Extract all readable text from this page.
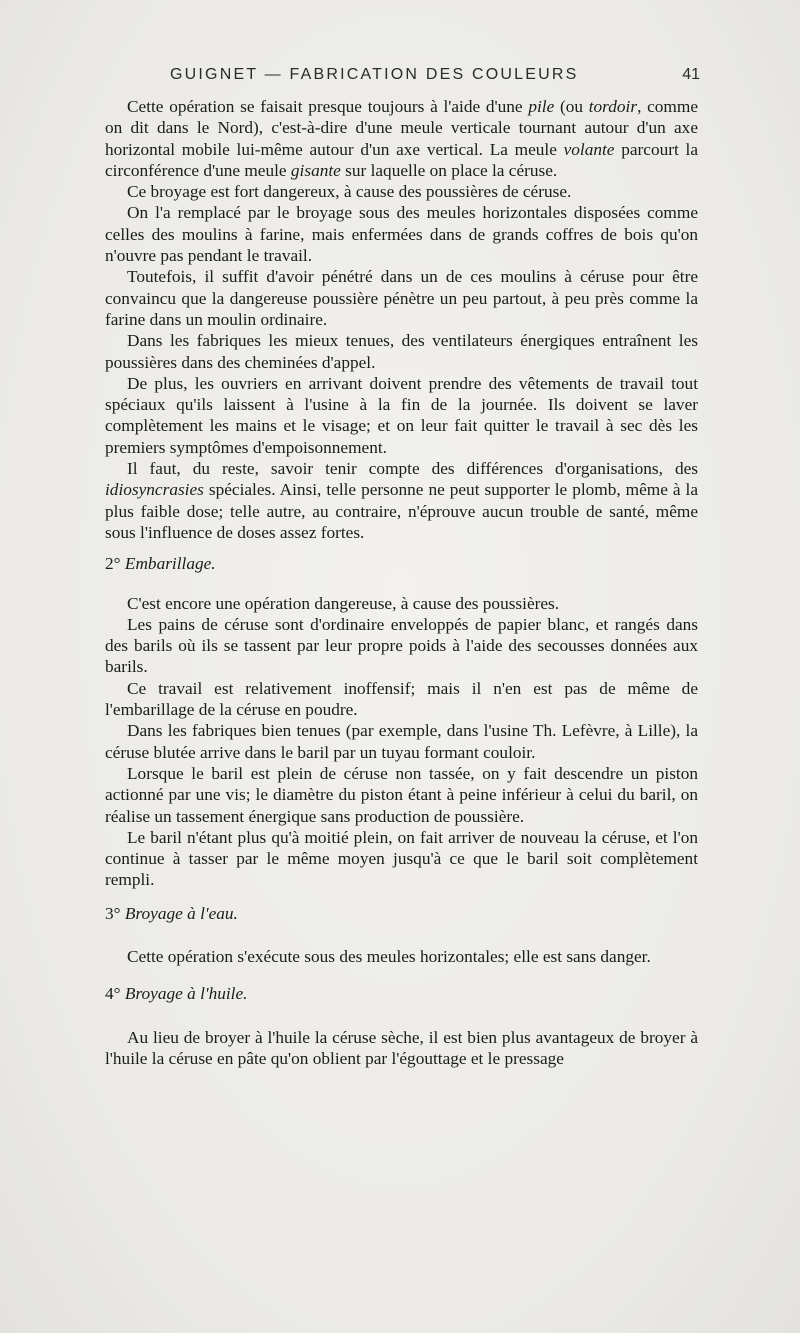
GUIGNET — FABRICATION DES COULEURS	41

Cette opération se faisait presque toujours à l'aide d'une pile (ou tordoir, comme on dit dans le Nord), c'est-à-dire d'une meule verticale tournant autour d'un axe horizontal mobile lui-même autour d'un axe vertical. La meule volante parcourt la circonférence d'une meule gisante sur laquelle on place la céruse.

Ce broyage est fort dangereux, à cause des poussières de céruse.

On l'a remplacé par le broyage sous des meules horizontales disposées comme celles des moulins à farine, mais enfermées dans de grands coffres de bois qu'on n'ouvre pas pendant le travail.

Toutefois, il suffit d'avoir pénétré dans un de ces moulins à céruse pour être convaincu que la dangereuse poussière pénètre un peu partout, à peu près comme la farine dans un moulin ordinaire.

Dans les fabriques les mieux tenues, des ventilateurs énergiques entraînent les poussières dans des cheminées d'appel.

De plus, les ouvriers en arrivant doivent prendre des vêtements de travail tout spéciaux qu'ils laissent à l'usine à la fin de la journée. Ils doivent se laver complètement les mains et le visage; et on leur fait quitter le travail à sec dès les premiers symptômes d'empoisonnement.

Il faut, du reste, savoir tenir compte des différences d'organisations, des idiosyncrasies spéciales. Ainsi, telle personne ne peut supporter le plomb, même à la plus faible dose; telle autre, au contraire, n'éprouve aucun trouble de santé, même sous l'influence de doses assez fortes.

2° Embarillage.

C'est encore une opération dangereuse, à cause des poussières.

Les pains de céruse sont d'ordinaire enveloppés de papier blanc, et rangés dans des barils où ils se tassent par leur propre poids à l'aide des secousses données aux barils.

Ce travail est relativement inoffensif; mais il n'en est pas de même de l'embarillage de la céruse en poudre.

Dans les fabriques bien tenues (par exemple, dans l'usine Th. Lefèvre, à Lille), la céruse blutée arrive dans le baril par un tuyau formant couloir.

Lorsque le baril est plein de céruse non tassée, on y fait descendre un piston actionné par une vis; le diamètre du piston étant à peine inférieur à celui du baril, on réalise un tassement énergique sans production de poussière.

Le baril n'étant plus qu'à moitié plein, on fait arriver de nouveau la céruse, et l'on continue à tasser par le même moyen jusqu'à ce que le baril soit complètement rempli.

3° Broyage à l'eau.

Cette opération s'exécute sous des meules horizontales; elle est sans danger.

4° Broyage à l'huile.

Au lieu de broyer à l'huile la céruse sèche, il est bien plus avantageux de broyer à l'huile la céruse en pâte qu'on oblient par l'égouttage et le pressage
